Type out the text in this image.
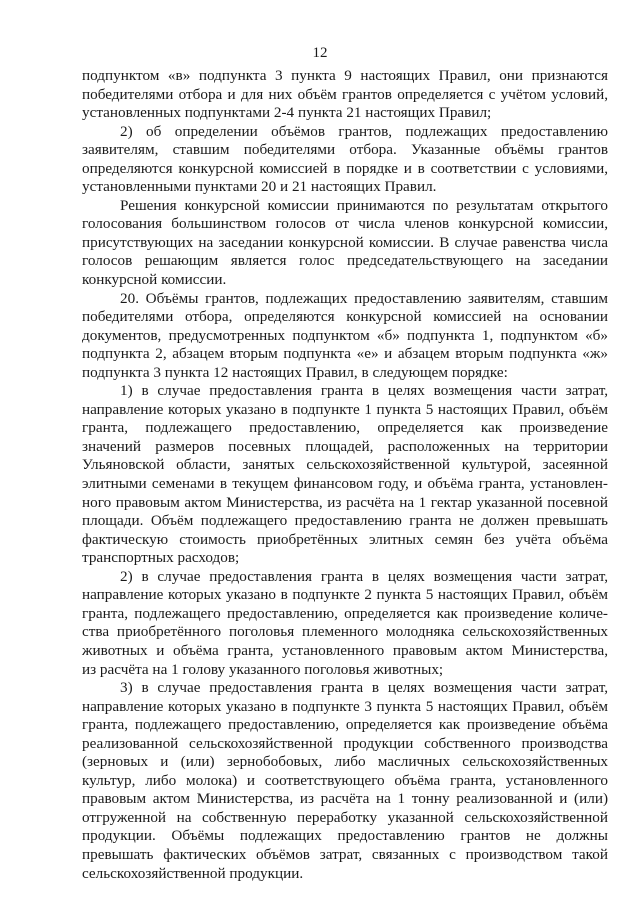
12
подпунктом «в» подпункта 3 пункта 9 настоящих Правил, они признаются
победителями отбора и для них объём грантов определяется с учётом условий,
установленных подпунктами 2-4 пункта 21 настоящих Правил;
2) об определении объёмов грантов, подлежащих предоставлению
заявителям, ставшим победителями отбора. Указанные объёмы грантов
определяются конкурсной комиссией в порядке и в соответствии с условиями,
установленными пунктами 20 и 21 настоящих Правил.
Решения конкурсной комиссии принимаются по результатам открытого
голосования большинством голосов от числа членов конкурсной комиссии,
присутствующих на заседании конкурсной комиссии. В случае равенства числа
голосов решающим является голос председательствующего на заседании
конкурсной комиссии.
20. Объёмы грантов, подлежащих предоставлению заявителям, ставшим
победителями отбора, определяются конкурсной комиссией на основании
документов, предусмотренных подпунктом «б» подпункта 1, подпунктом «б»
подпункта 2, абзацем вторым подпункта «е» и абзацем вторым подпункта «ж»
подпункта 3 пункта 12 настоящих Правил, в следующем порядке:
1) в случае предоставления гранта в целях возмещения части затрат,
направление которых указано в подпункте 1 пункта 5 настоящих Правил, объём
гранта, подлежащего предоставлению, определяется как произведение
значений размеров посевных площадей, расположенных на территории
Ульяновской области, занятых сельскохозяйственной культурой, засеянной
элитными семенами в текущем финансовом году, и объёма гранта, установлен-
ного правовым актом Министерства, из расчёта на 1 гектар указанной посевной
площади. Объём подлежащего предоставлению гранта не должен превышать
фактическую стоимость приобретённых элитных семян без учёта объёма
транспортных расходов;
2) в случае предоставления гранта в целях возмещения части затрат,
направление которых указано в подпункте 2 пункта 5 настоящих Правил, объём
гранта, подлежащего предоставлению, определяется как произведение количе-
ства приобретённого поголовья племенного молодняка сельскохозяйственных
животных и объёма гранта, установленного правовым актом Министерства,
из расчёта на 1 голову указанного поголовья животных;
3) в случае предоставления гранта в целях возмещения части затрат,
направление которых указано в подпункте 3 пункта 5 настоящих Правил, объём
гранта, подлежащего предоставлению, определяется как произведение объёма
реализованной сельскохозяйственной продукции собственного производства
(зерновых и (или) зернобобовых, либо масличных сельскохозяйственных
культур, либо молока) и соответствующего объёма гранта, установленного
правовым актом Министерства, из расчёта на 1 тонну реализованной и (или)
отгруженной на собственную переработку указанной сельскохозяйственной
продукции. Объёмы подлежащих предоставлению грантов не должны
превышать фактических объёмов затрат, связанных с производством такой
сельскохозяйственной продукции.
